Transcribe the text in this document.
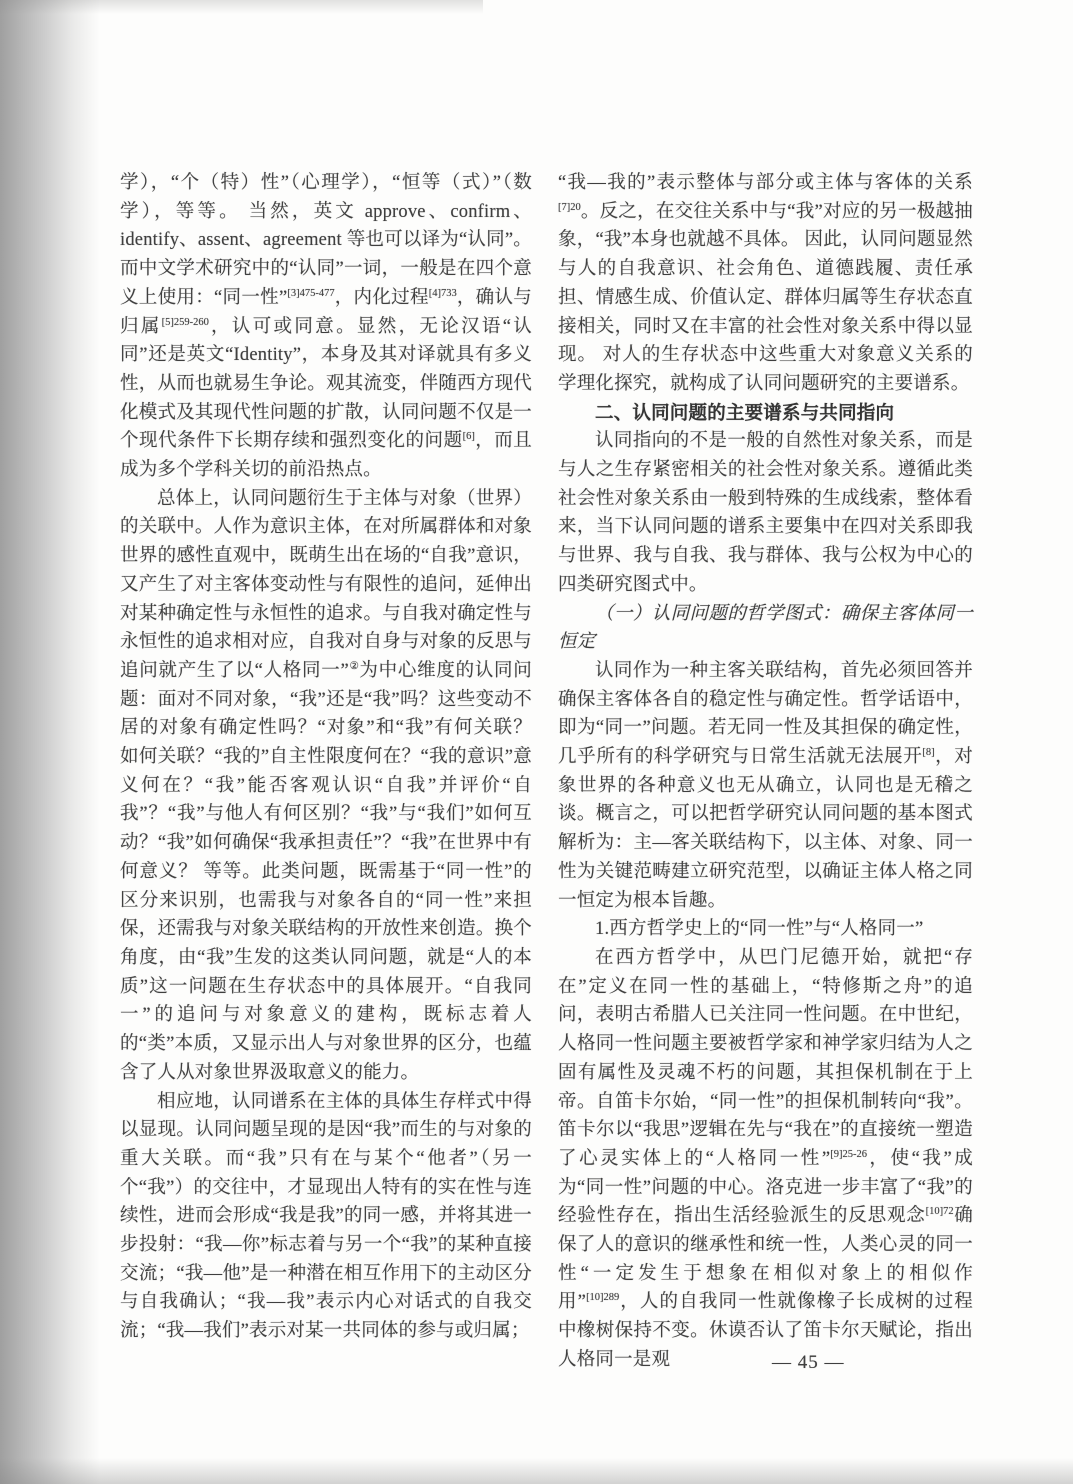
学），“个（特）性”（心理学），“恒等（式）”（数学），等等。 当然，英文 approve、confirm、identify、assent、agreement 等也可以译为“认同”。而中文学术研究中的“认同”一词，一般是在四个意义上使用：“同一性”$^{[3]475-477}$，内化过程$^{[4]733}$，确认与归属$^{[5]259-260}$，认可或同意。显然，无论汉语“认同”还是英文“Identity”，本身及其对译就具有多义性，从而也就易生争论。观其流变，伴随西方现代化模式及其现代性问题的扩散，认同问题不仅是一个现代条件下长期存续和强烈变化的问题[6]，而且成为多个学科关切的前沿热点。

总体上，认同问题衍生于主体与对象（世界）的关联中。人作为意识主体，在对所属群体和对象世界的感性直观中，既萌生出在场的“自我”意识，又产生了对主客体变动性与有限性的追问，延伸出对某种确定性与永恒性的追求。与自我对确定性与永恒性的追求相对应，自我对自身与对象的反思与追问就产生了以“人格同一”②为中心维度的认同问题：面对不同对象，“我”还是“我”吗？这些变动不居的对象有确定性吗？“对象”和“我”有何关联？ 如何关联？“我的”自主性限度何在？“我的意识”意义何在？“我”能否客观认识“自我”并评价“自我”？“我”与他人有何区别？“我”与“我们”如何互动？“我”如何确保“我承担责任”？“我”在世界中有何意义？ 等等。此类问题，既需基于“同一性”的区分来识别，也需我与对象各自的“同一性”来担保，还需我与对象关联结构的开放性来创造。换个角度，由“我”生发的这类认同问题，就是“人的本质”这一问题在生存状态中的具体展开。“自我同一”的追问与对象意义的建构，既标志着人的“类”本质，又显示出人与对象世界的区分，也蕴含了人从对象世界汲取意义的能力。

相应地，认同谱系在主体的具体生存样式中得以显现。认同问题呈现的是因“我”而生的与对象的重大关联。而“我”只有在与某个“他者”（另一个“我”）的交往中，才显现出人特有的实在性与连续性，进而会形成“我是我”的同一感，并将其进一步投射：“我—你”标志着与另一个“我”的某种直接交流；“我—他”是一种潜在相互作用下的主动区分与自我确认；“我—我”表示内心对话式的自我交流；“我—我们”表示对某一共同体的参与或归属；

“我—我的”表示整体与部分或主体与客体的关系$^{[7]20}$。反之，在交往关系中与“我”对应的另一极越抽象，“我”本身也就越不具体。 因此，认同问题显然与人的自我意识、社会角色、道德践履、责任承担、情感生成、价值认定、群体归属等生存状态直接相关，同时又在丰富的社会性对象关系中得以显现。 对人的生存状态中这些重大对象意义关系的学理化探究，就构成了认同问题研究的主要谱系。

二、认同问题的主要谱系与共同指向

认同指向的不是一般的自然性对象关系，而是与人之生存紧密相关的社会性对象关系。遵循此类社会性对象关系由一般到特殊的生成线索，整体看来，当下认同问题的谱系主要集中在四对关系即我与世界、我与自我、我与群体、我与公权为中心的四类研究图式中。

（一）认同问题的哲学图式：确保主客体同一恒定

认同作为一种主客关联结构，首先必须回答并确保主客体各自的稳定性与确定性。哲学话语中，即为“同一”问题。若无同一性及其担保的确定性，几乎所有的科学研究与日常生活就无法展开[8]，对象世界的各种意义也无从确立，认同也是无稽之谈。概言之，可以把哲学研究认同问题的基本图式解析为：主—客关联结构下，以主体、对象、同一性为关键范畴建立研究范型，以确证主体人格之同一恒定为根本旨趣。

1.西方哲学史上的“同一性”与“人格同一”

在西方哲学中，从巴门尼德开始，就把“存在”定义在同一性的基础上，“特修斯之舟”的追问，表明古希腊人已关注同一性问题。在中世纪，人格同一性问题主要被哲学家和神学家归结为人之固有属性及灵魂不朽的问题，其担保机制在于上帝。自笛卡尔始，“同一性”的担保机制转向“我”。笛卡尔以“我思”逻辑在先与“我在”的直接统一塑造了心灵实体上的“人格同一性”$^{[9]25-26}$，使“我”成为“同一性”问题的中心。洛克进一步丰富了“我”的经验性存在，指出生活经验派生的反思观念$^{[10]72}$确保了人的意识的继承性和统一性，人类心灵的同一性“一定发生于想象在相似对象上的相似作用”$^{[10]289}$，人的自我同一性就像橡子长成树的过程中橡树保持不变。休谟否认了笛卡尔天赋论，指出人格同一是观	— 45 —
